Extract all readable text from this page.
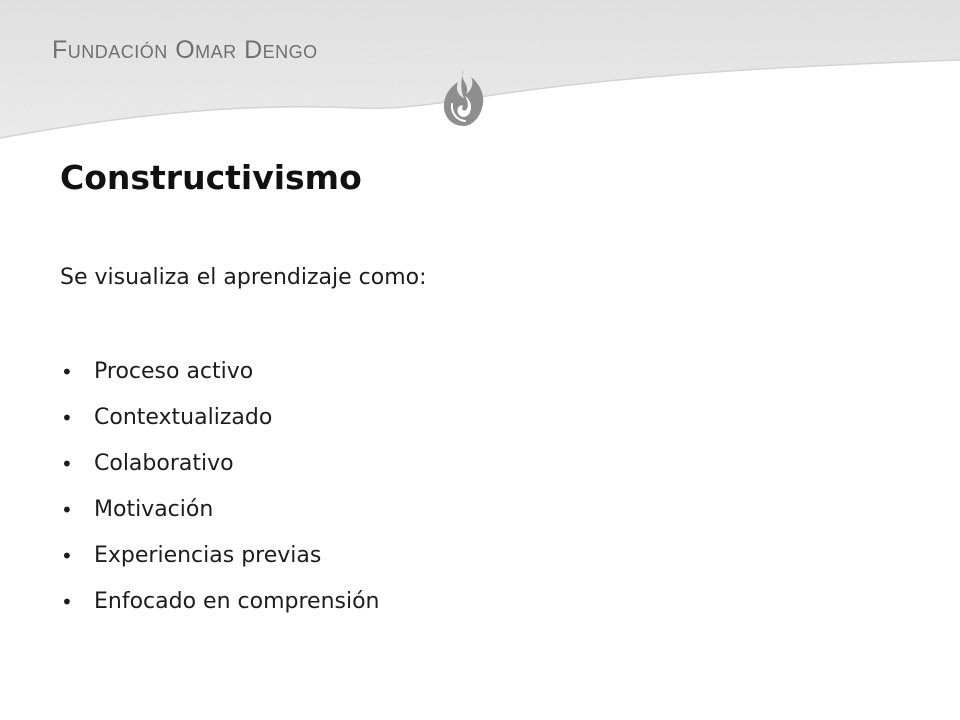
Fundación Omar Dengo
Constructivismo

Se visualiza el aprendizaje como:

• Proceso activo
• Contextualizado
• Colaborativo
• Motivación
• Experiencias previas
• Enfocado en comprensión
